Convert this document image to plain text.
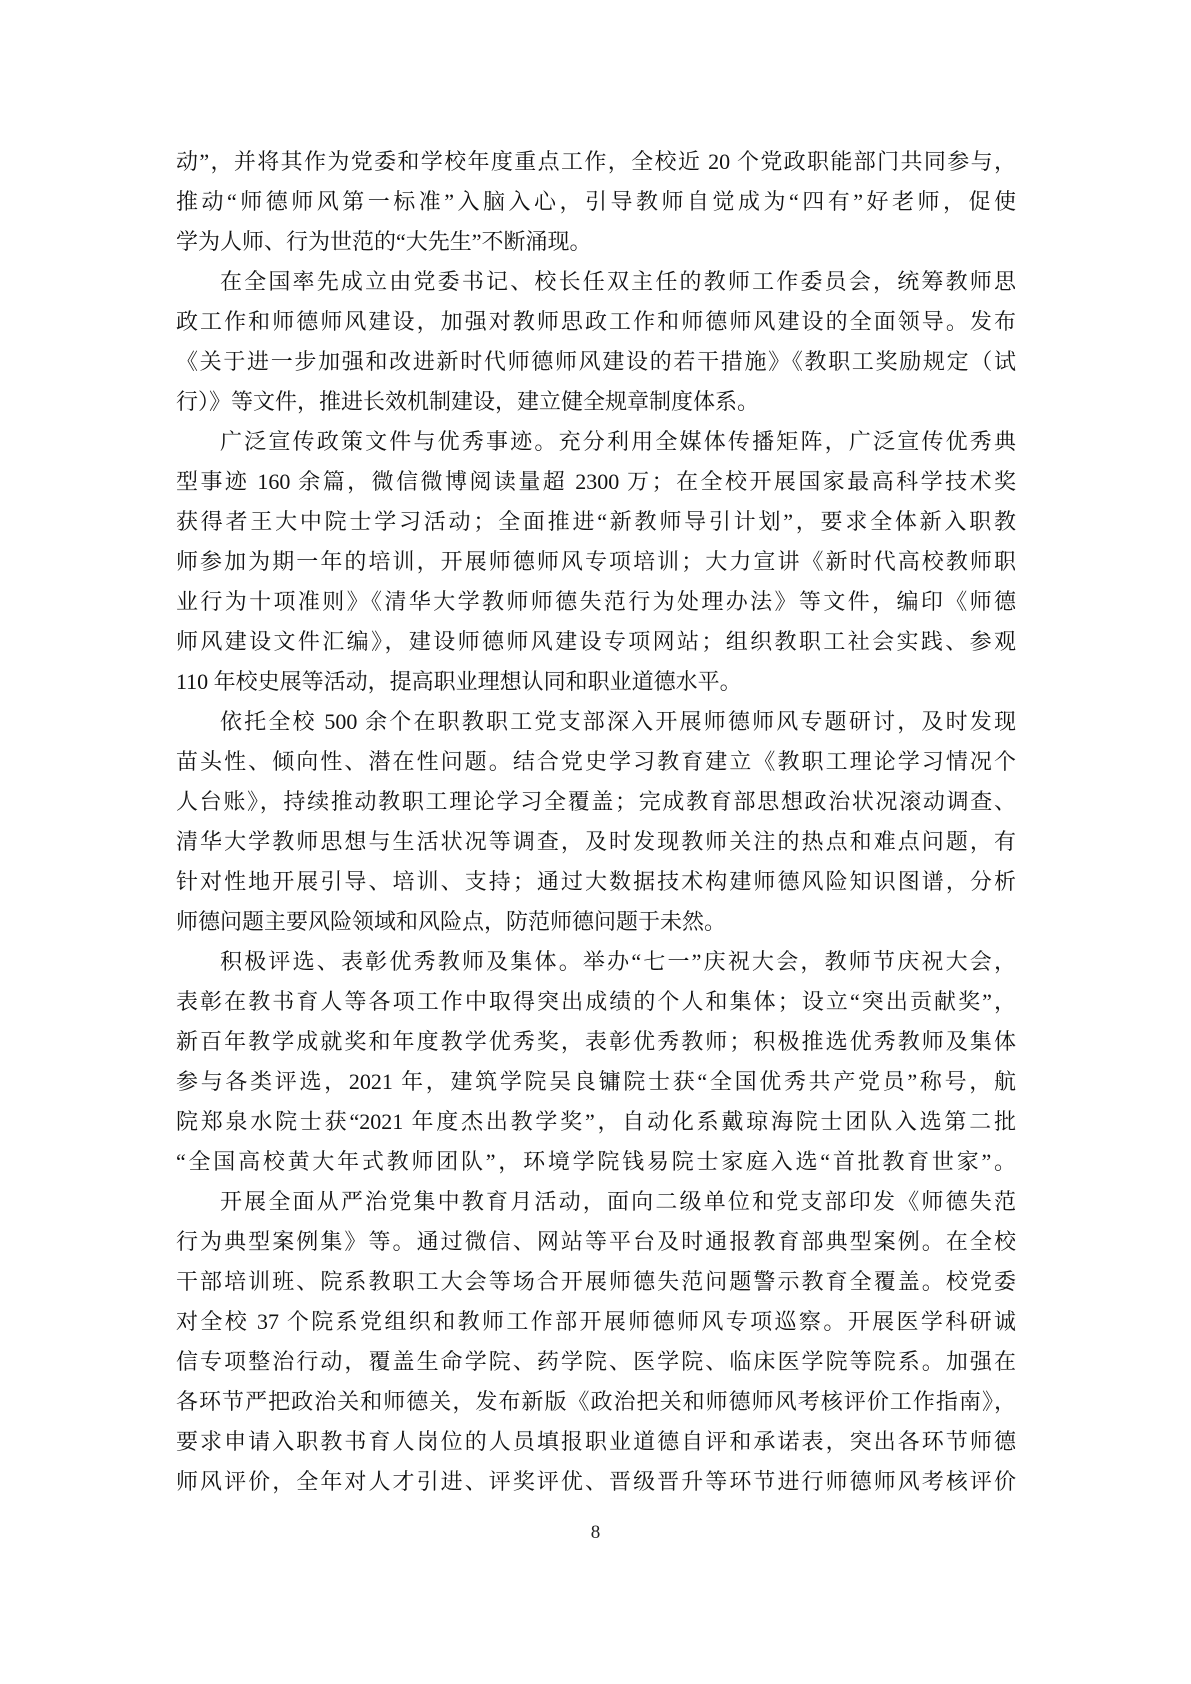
动”，并将其作为党委和学校年度重点工作，全校近 20 个党政职能部门共同参与，
推动“师德师风第一标准”入脑入心，引导教师自觉成为“四有”好老师，促使
学为人师、行为世范的“大先生”不断涌现。
在全国率先成立由党委书记、校长任双主任的教师工作委员会，统筹教师思
政工作和师德师风建设，加强对教师思政工作和师德师风建设的全面领导。发布
《关于进一步加强和改进新时代师德师风建设的若干措施》《教职工奖励规定（试
行）》等文件，推进长效机制建设，建立健全规章制度体系。
广泛宣传政策文件与优秀事迹。充分利用全媒体传播矩阵，广泛宣传优秀典
型事迹 160 余篇，微信微博阅读量超 2300 万；在全校开展国家最高科学技术奖
获得者王大中院士学习活动；全面推进“新教师导引计划”，要求全体新入职教
师参加为期一年的培训，开展师德师风专项培训；大力宣讲《新时代高校教师职
业行为十项准则》《清华大学教师师德失范行为处理办法》等文件，编印《师德
师风建设文件汇编》，建设师德师风建设专项网站；组织教职工社会实践、参观
110 年校史展等活动，提高职业理想认同和职业道德水平。
依托全校 500 余个在职教职工党支部深入开展师德师风专题研讨，及时发现
苗头性、倾向性、潜在性问题。结合党史学习教育建立《教职工理论学习情况个
人台账》，持续推动教职工理论学习全覆盖；完成教育部思想政治状况滚动调查、
清华大学教师思想与生活状况等调查，及时发现教师关注的热点和难点问题，有
针对性地开展引导、培训、支持；通过大数据技术构建师德风险知识图谱，分析
师德问题主要风险领域和风险点，防范师德问题于未然。
积极评选、表彰优秀教师及集体。举办“七一”庆祝大会，教师节庆祝大会，
表彰在教书育人等各项工作中取得突出成绩的个人和集体；设立“突出贡献奖”，
新百年教学成就奖和年度教学优秀奖，表彰优秀教师；积极推选优秀教师及集体
参与各类评选，2021 年，建筑学院吴良镛院士获“全国优秀共产党员”称号，航
院郑泉水院士获“2021 年度杰出教学奖”，自动化系戴琼海院士团队入选第二批
“全国高校黄大年式教师团队”，环境学院钱易院士家庭入选“首批教育世家”。
开展全面从严治党集中教育月活动，面向二级单位和党支部印发《师德失范
行为典型案例集》等。通过微信、网站等平台及时通报教育部典型案例。在全校
干部培训班、院系教职工大会等场合开展师德失范问题警示教育全覆盖。校党委
对全校 37 个院系党组织和教师工作部开展师德师风专项巡察。开展医学科研诚
信专项整治行动，覆盖生命学院、药学院、医学院、临床医学院等院系。加强在
各环节严把政治关和师德关，发布新版《政治把关和师德师风考核评价工作指南》，
要求申请入职教书育人岗位的人员填报职业道德自评和承诺表，突出各环节师德
师风评价，全年对人才引进、评奖评优、晋级晋升等环节进行师德师风考核评价
8
